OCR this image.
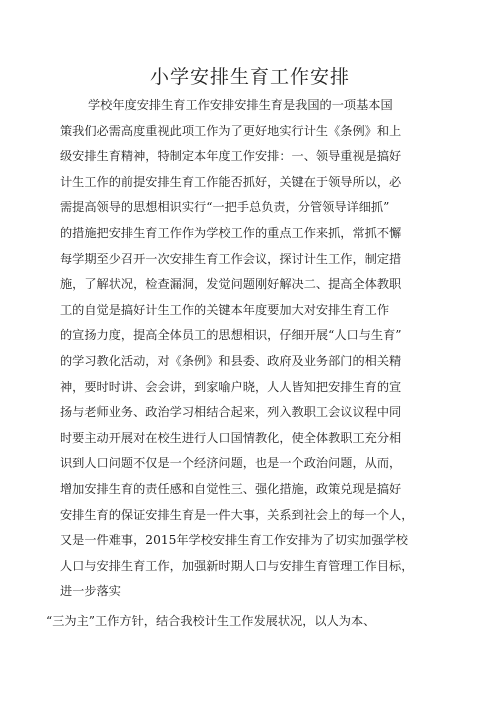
小学安排生育工作安排
学校年度安排生育工作安排安排生育是我国的一项基本国
策我们必需高度重视此项工作为了更好地实行计生《条例》和上
级安排生育精神，特制定本年度工作安排：一、领导重视是搞好
计生工作的前提安排生育工作能否抓好，关键在于领导所以，必
需提高领导的思想相识实行“一把手总负责，分管领导详细抓”
的措施把安排生育工作作为学校工作的重点工作来抓，常抓不懈
每学期至少召开一次安排生育工作会议，探讨计生工作，制定措
施，了解状况，检查漏洞，发觉问题刚好解决二、提高全体教职
工的自觉是搞好计生工作的关键本年度要加大对安排生育工作
的宣扬力度，提高全体员工的思想相识，仔细开展“人口与生育”
的学习教化活动，对《条例》和县委、政府及业务部门的相关精
神，要时时讲、会会讲，到家喻户晓，人人皆知把安排生育的宣
扬与老师业务、政治学习相结合起来，列入教职工会议议程中同
时要主动开展对在校生进行人口国情教化，使全体教职工充分相
识到人口问题不仅是一个经济问题，也是一个政治问题，从而，
增加安排生育的责任感和自觉性三、强化措施，政策兑现是搞好
安排生育的保证安排生育是一件大事，关系到社会上的每一个人，
又是一件难事，2015年学校安排生育工作安排为了切实加强学校
人口与安排生育工作，加强新时期人口与安排生育管理工作目标，
进一步落实
“三为主”工作方针，结合我校计生工作发展状况，以人为本、
